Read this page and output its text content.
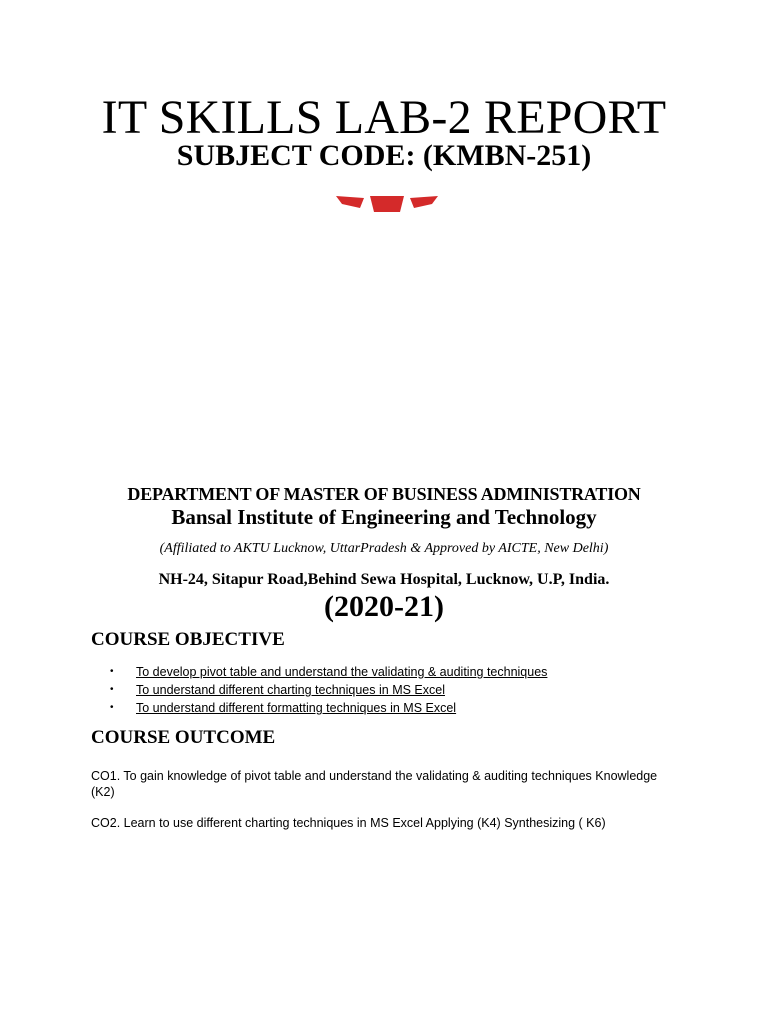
IT SKILLS LAB-2 REPORT
SUBJECT CODE: (KMBN-251)
DEPARTMENT OF MASTER OF BUSINESS ADMINISTRATION
Bansal Institute of Engineering and Technology
(Affiliated to AKTU Lucknow, UttarPradesh & Approved by AICTE, New Delhi)
NH-24, Sitapur Road,Behind Sewa Hospital, Lucknow, U.P, India.
(2020-21)
COURSE OBJECTIVE
• To develop pivot table and understand the validating & auditing techniques
• To understand different charting techniques in MS Excel
• To understand different formatting techniques in MS Excel
COURSE OUTCOME
CO1. To gain knowledge of pivot table and understand the validating & auditing techniques Knowledge (K2)
CO2. Learn to use different charting techniques in MS Excel Applying (K4) Synthesizing ( K6)
